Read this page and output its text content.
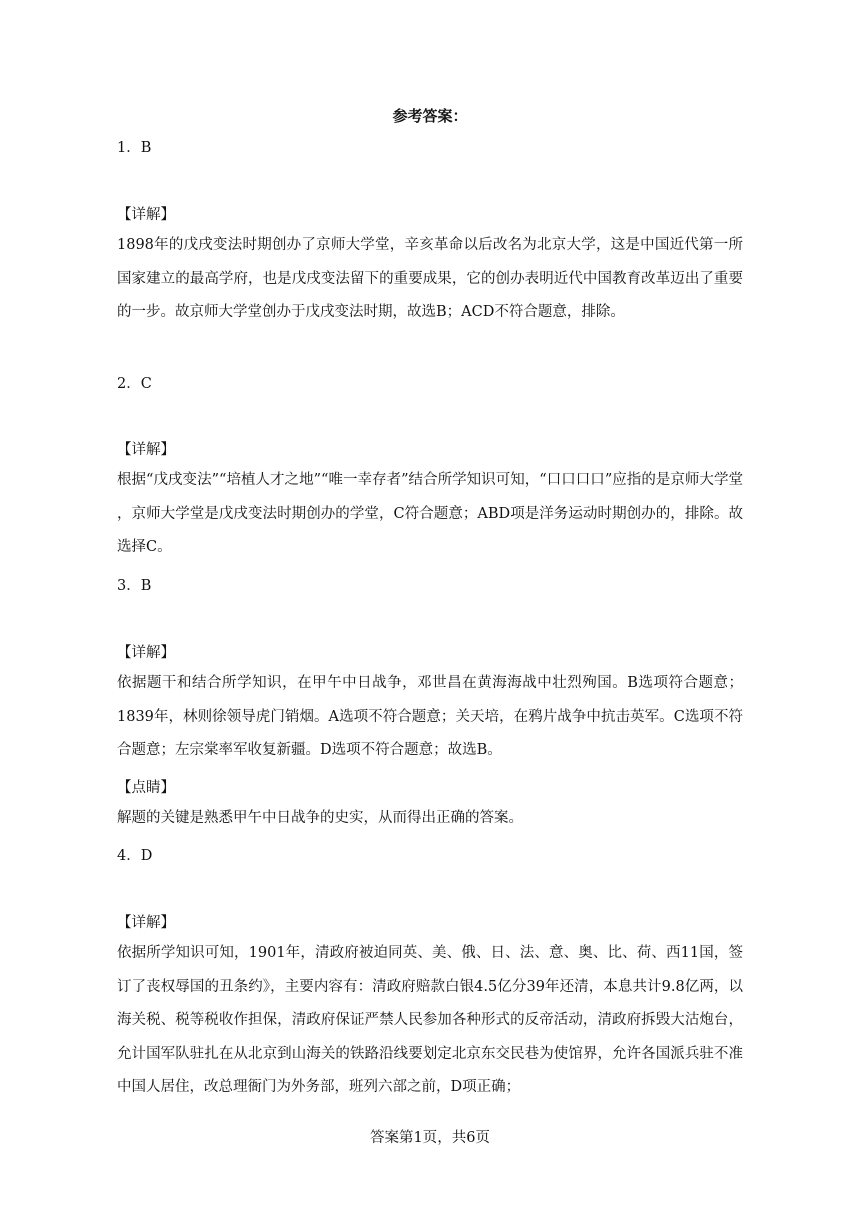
参考答案：
1．B
【详解】
1898年的戊戌变法时期创办了京师大学堂，辛亥革命以后改名为北京大学，这是中国近代第一所国家建立的最高学府，也是戊戌变法留下的重要成果，它的创办表明近代中国教育改革迈出了重要的一步。故京师大学堂创办于戊戌变法时期，故选B；ACD不符合题意，排除。
2．C
【详解】
根据“戊戌变法”“培植人才之地”“唯一幸存者”结合所学知识可知，“口口口口”应指的是京师大学堂 ，京师大学堂是戊戌变法时期创办的学堂，C符合题意；ABD项是洋务运动时期创办的，排除。故选择C。
3．B
【详解】
依据题干和结合所学知识，在甲午中日战争，邓世昌在黄海海战中壮烈殉国。B选项符合题意；1839年，林则徐领导虎门销烟。A选项不符合题意；关天培，在鸦片战争中抗击英军。C选项不符合题意；左宗棠率军收复新疆。D选项不符合题意；故选B。
【点睛】
解题的关键是熟悉甲午中日战争的史实，从而得出正确的答案。
4．D
【详解】
依据所学知识可知，1901年，清政府被迫同英、美、俄、日、法、意、奥、比、荷、西11国，签订了丧权辱国的丑条约》，主要内容有：清政府赔款白银4.5亿分39年还清，本息共计9.8亿两，以海关税、税等税收作担保，清政府保证严禁人民参加各种形式的反帝活动，清政府拆毁大沽炮台，允计国军队驻扎在从北京到山海关的铁路沿线要划定北京东交民巷为使馆界，允许各国派兵驻不准中国人居住，改总理衙门为外务部，班列六部之前，D项正确；
答案第1页，共6页
